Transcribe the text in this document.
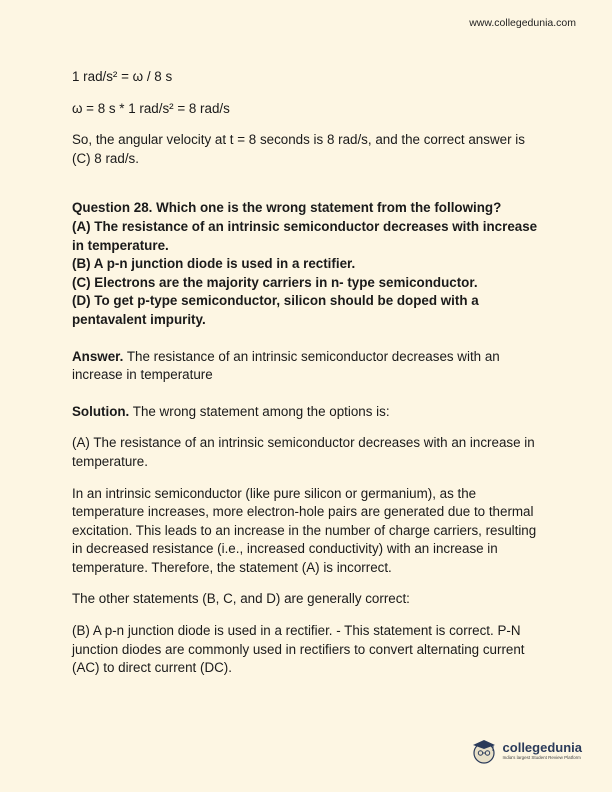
www.collegedunia.com

1 rad/s² = ω / 8 s

ω = 8 s * 1 rad/s² = 8 rad/s

So, the angular velocity at t = 8 seconds is 8 rad/s, and the correct answer is (C) 8 rad/s.

Question 28. Which one is the wrong statement from the following?

(A) The resistance of an intrinsic semiconductor decreases with increase in temperature.

(B) A p-n junction diode is used in a rectifier.

(C) Electrons are the majority carriers in n- type semiconductor.

(D) To get p-type semiconductor, silicon should be doped with a pentavalent impurity.

Answer. The resistance of an intrinsic semiconductor decreases with an increase in temperature

Solution. The wrong statement among the options is:

(A) The resistance of an intrinsic semiconductor decreases with an increase in temperature.

In an intrinsic semiconductor (like pure silicon or germanium), as the temperature increases, more electron-hole pairs are generated due to thermal excitation. This leads to an increase in the number of charge carriers, resulting in decreased resistance (i.e., increased conductivity) with an increase in temperature. Therefore, the statement (A) is incorrect.

The other statements (B, C, and D) are generally correct:

(B) A p-n junction diode is used in a rectifier. - This statement is correct. P-N junction diodes are commonly used in rectifiers to convert alternating current (AC) to direct current (DC).

collegedunia
India's largest Student Review Platform
